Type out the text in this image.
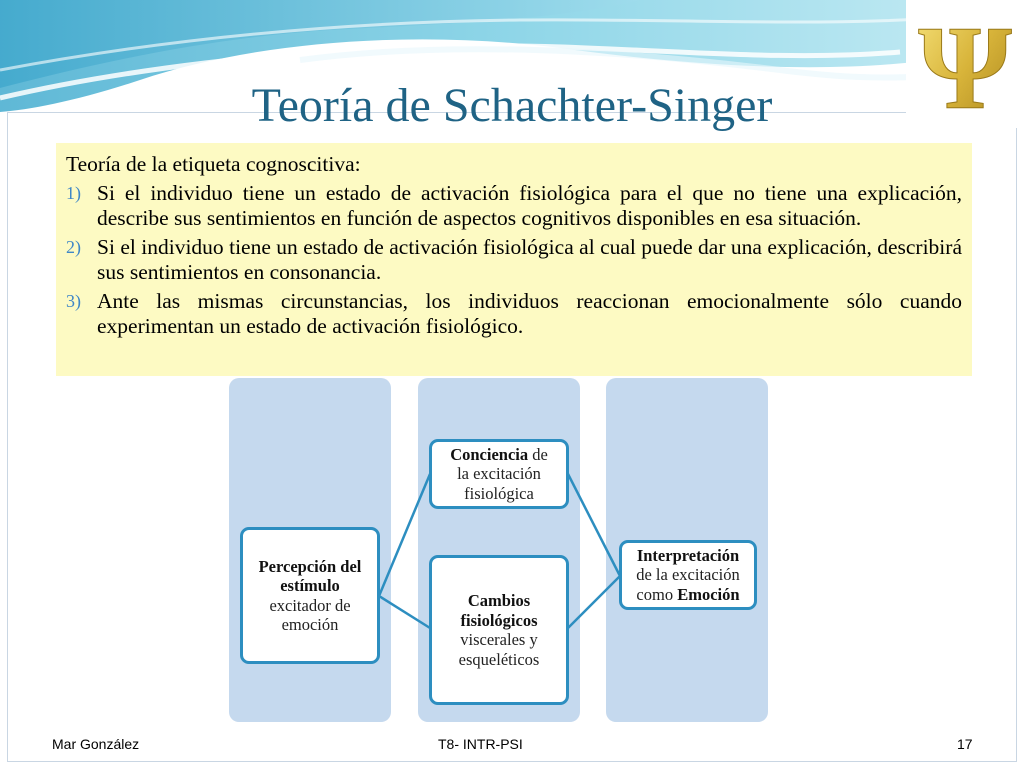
Ψ
Teoría de Schachter-Singer
Teoría de la etiqueta cognoscitiva:
1) Si el individuo tiene un estado de activación fisiológica para el que no tiene una explicación, describe sus sentimientos en función de aspectos cognitivos disponibles en esa situación.
2) Si el individuo tiene un estado de activación fisiológica al cual puede dar una explicación, describirá sus sentimientos en consonancia.
3) Ante las mismas circunstancias, los individuos reaccionan emocionalmente sólo cuando experimentan un estado de activación fisiológico.
Percepción del estímulo
excitador de emoción
Conciencia de
la excitación fisiológica
Cambios fisiológicos
viscerales y esqueléticos
Interpretación
de la excitación
como Emoción
Mar González	T8- INTR-PSI	17
